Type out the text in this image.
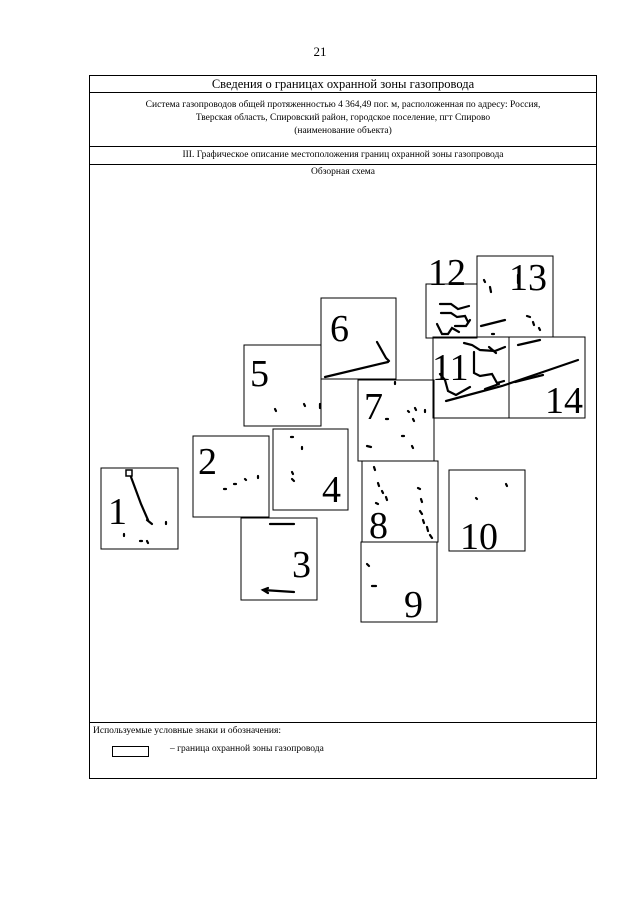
21
Сведения о границах охранной зоны газопровода
Система газопроводов общей протяженностью 4 364,49 пог. м, расположенная по адресу: Россия,
Тверская область, Спировский район, городское поселение, пгт Спирово
(наименование объекта)
III. Графическое описание местоположения границ охранной зоны газопровода
Обзорная схема
Используемые условные знаки и обозначения:
– граница охранной зоны газопровода
1
2
3
4
5
6
7
8
9
10
11
12 13
14
